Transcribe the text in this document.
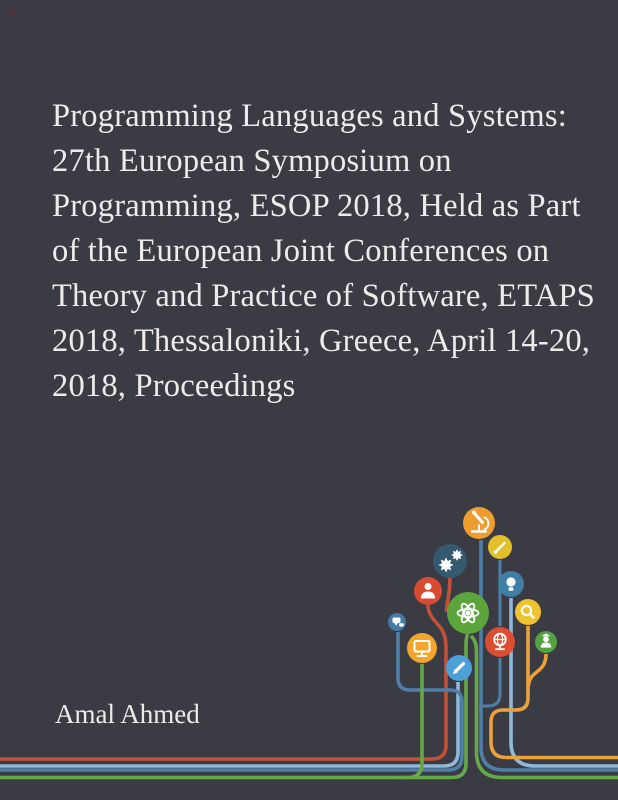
Programming Languages and Systems:
27th European Symposium on
Programming, ESOP 2018, Held as Part
of the European Joint Conferences on
Theory and Practice of Software, ETAPS
2018, Thessaloniki, Greece, April 14-20,
2018, Proceedings
Amal Ahmed
